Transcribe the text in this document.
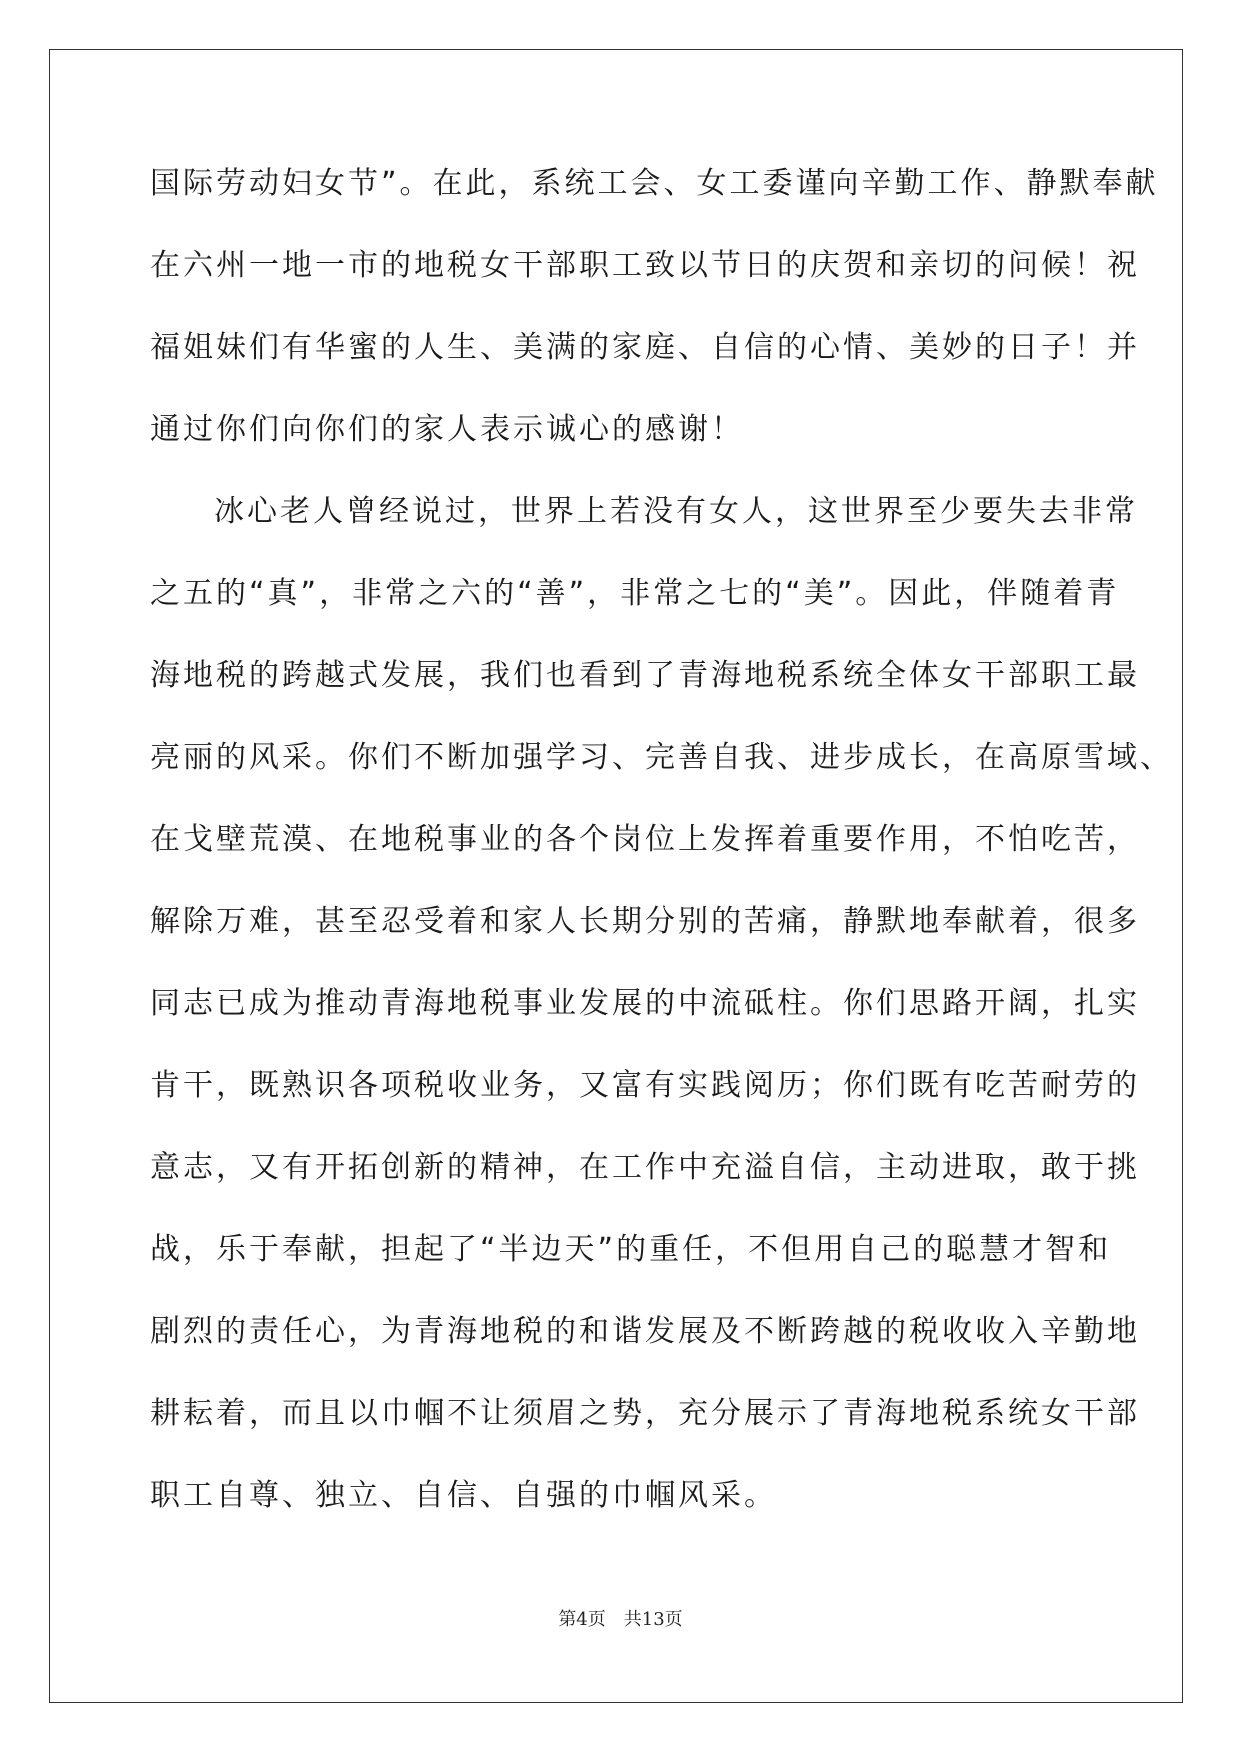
国际劳动妇女节”。在此，系统工会、女工委谨向辛勤工作、静默奉献
在六州一地一市的地税女干部职工致以节日的庆贺和亲切的问候！祝
福姐妹们有华蜜的人生、美满的家庭、自信的心情、美妙的日子！并
通过你们向你们的家人表示诚心的感谢！
冰心老人曾经说过，世界上若没有女人，这世界至少要失去非常
之五的“真”，非常之六的“善”，非常之七的“美”。因此，伴随着青
海地税的跨越式发展，我们也看到了青海地税系统全体女干部职工最
亮丽的风采。你们不断加强学习、完善自我、进步成长，在高原雪域、
在戈壁荒漠、在地税事业的各个岗位上发挥着重要作用，不怕吃苦，
解除万难，甚至忍受着和家人长期分别的苦痛，静默地奉献着，很多
同志已成为推动青海地税事业发展的中流砥柱。你们思路开阔，扎实
肯干，既熟识各项税收业务，又富有实践阅历；你们既有吃苦耐劳的
意志，又有开拓创新的精神，在工作中充溢自信，主动进取，敢于挑
战，乐于奉献，担起了“半边天”的重任，不但用自己的聪慧才智和
剧烈的责任心，为青海地税的和谐发展及不断跨越的税收收入辛勤地
耕耘着，而且以巾帼不让须眉之势，充分展示了青海地税系统女干部
职工自尊、独立、自信、自强的巾帼风采。
第4页 共13页
